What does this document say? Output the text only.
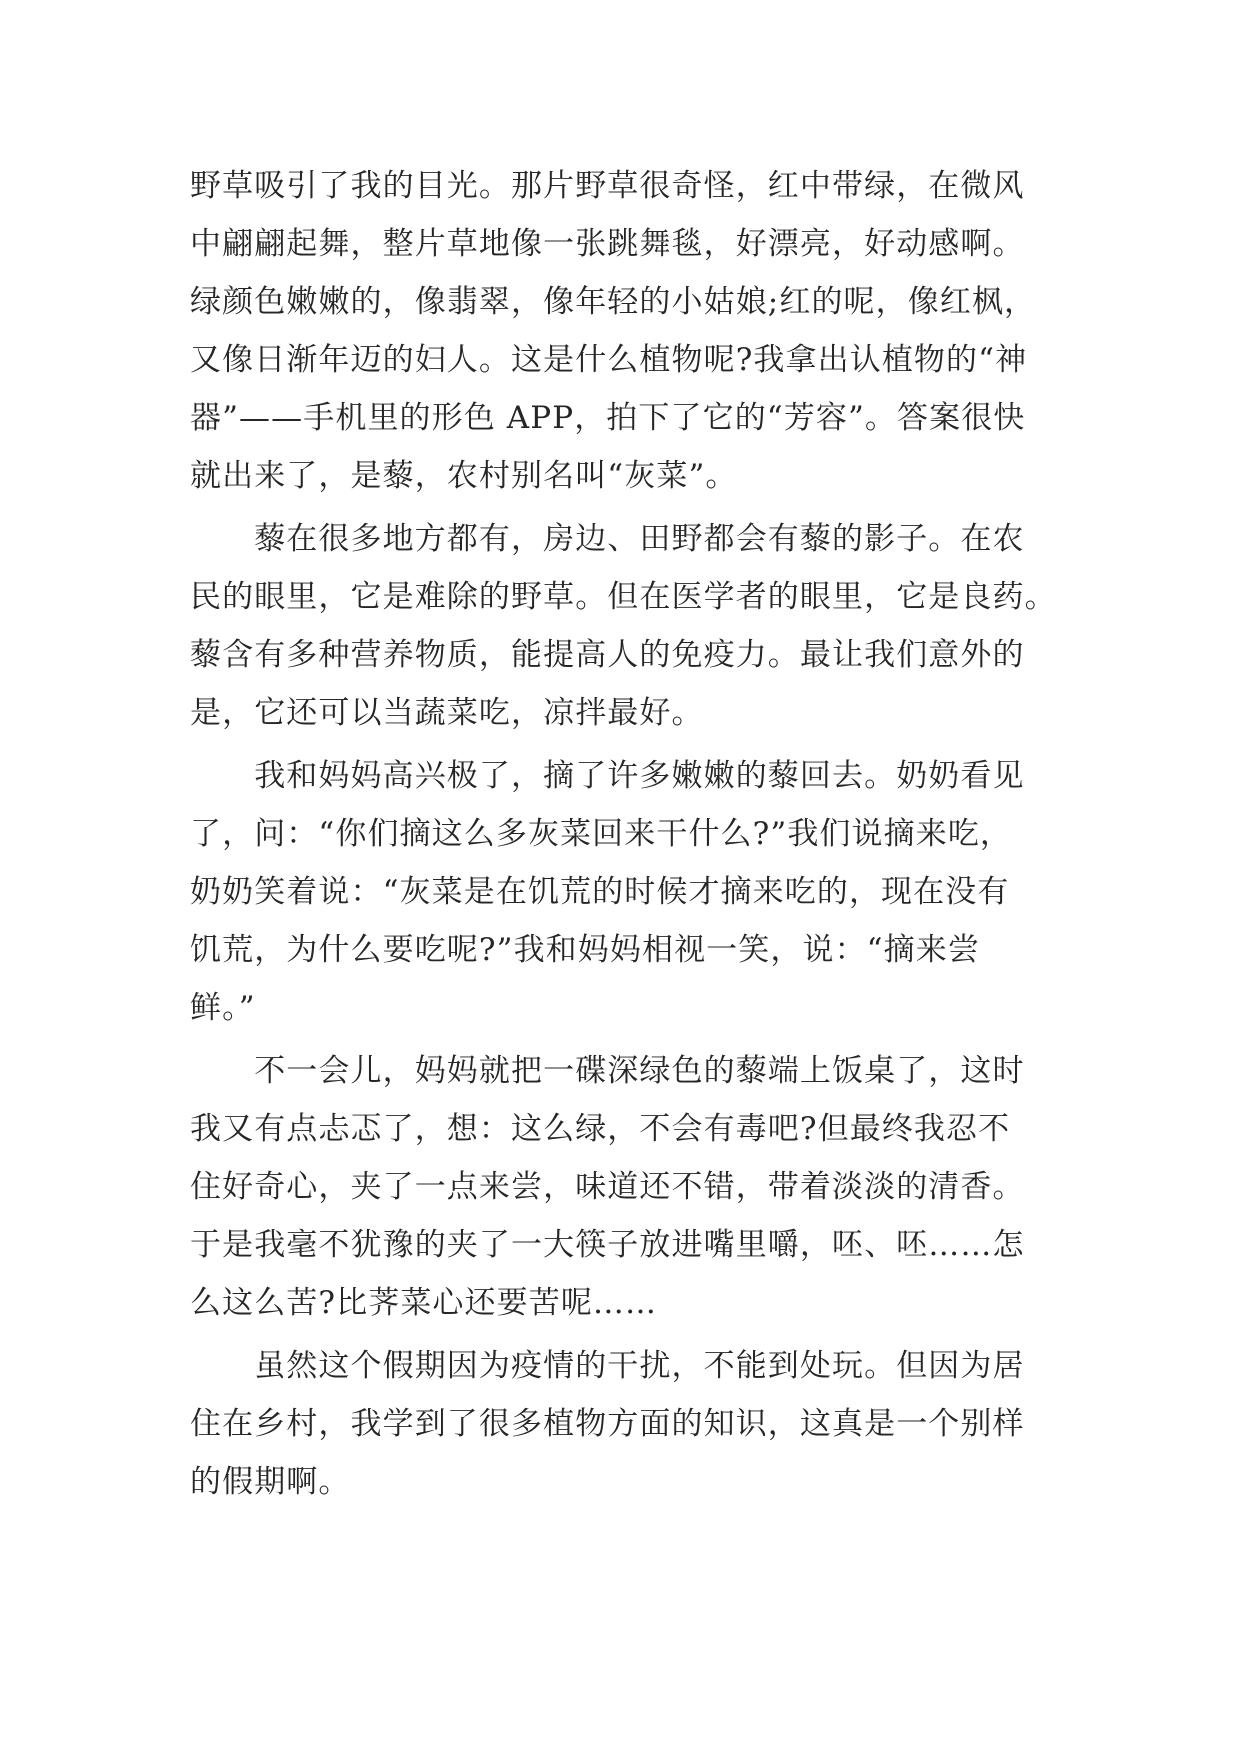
野草吸引了我的目光。那片野草很奇怪，红中带绿，在微风
中翩翩起舞，整片草地像一张跳舞毯，好漂亮，好动感啊。
绿颜色嫩嫩的，像翡翠，像年轻的小姑娘;红的呢，像红枫，
又像日渐年迈的妇人。这是什么植物呢?我拿出认植物的“神
器”——手机里的形色 APP，拍下了它的“芳容”。答案很快
就出来了，是藜，农村别名叫“灰菜”。
　　藜在很多地方都有，房边、田野都会有藜的影子。在农
民的眼里，它是难除的野草。但在医学者的眼里，它是良药。
藜含有多种营养物质，能提高人的免疫力。最让我们意外的
是，它还可以当蔬菜吃，凉拌最好。
　　我和妈妈高兴极了，摘了许多嫩嫩的藜回去。奶奶看见
了，问：“你们摘这么多灰菜回来干什么?”我们说摘来吃，
奶奶笑着说：“灰菜是在饥荒的时候才摘来吃的，现在没有
饥荒，为什么要吃呢?”我和妈妈相视一笑，说：“摘来尝
鲜。”
　　不一会儿，妈妈就把一碟深绿色的藜端上饭桌了，这时
我又有点忐忑了，想：这么绿，不会有毒吧?但最终我忍不
住好奇心，夹了一点来尝，味道还不错，带着淡淡的清香。
于是我毫不犹豫的夹了一大筷子放进嘴里嚼，呸、呸……怎
么这么苦?比荠菜心还要苦呢……
　　虽然这个假期因为疫情的干扰，不能到处玩。但因为居
住在乡村，我学到了很多植物方面的知识，这真是一个别样
的假期啊。
